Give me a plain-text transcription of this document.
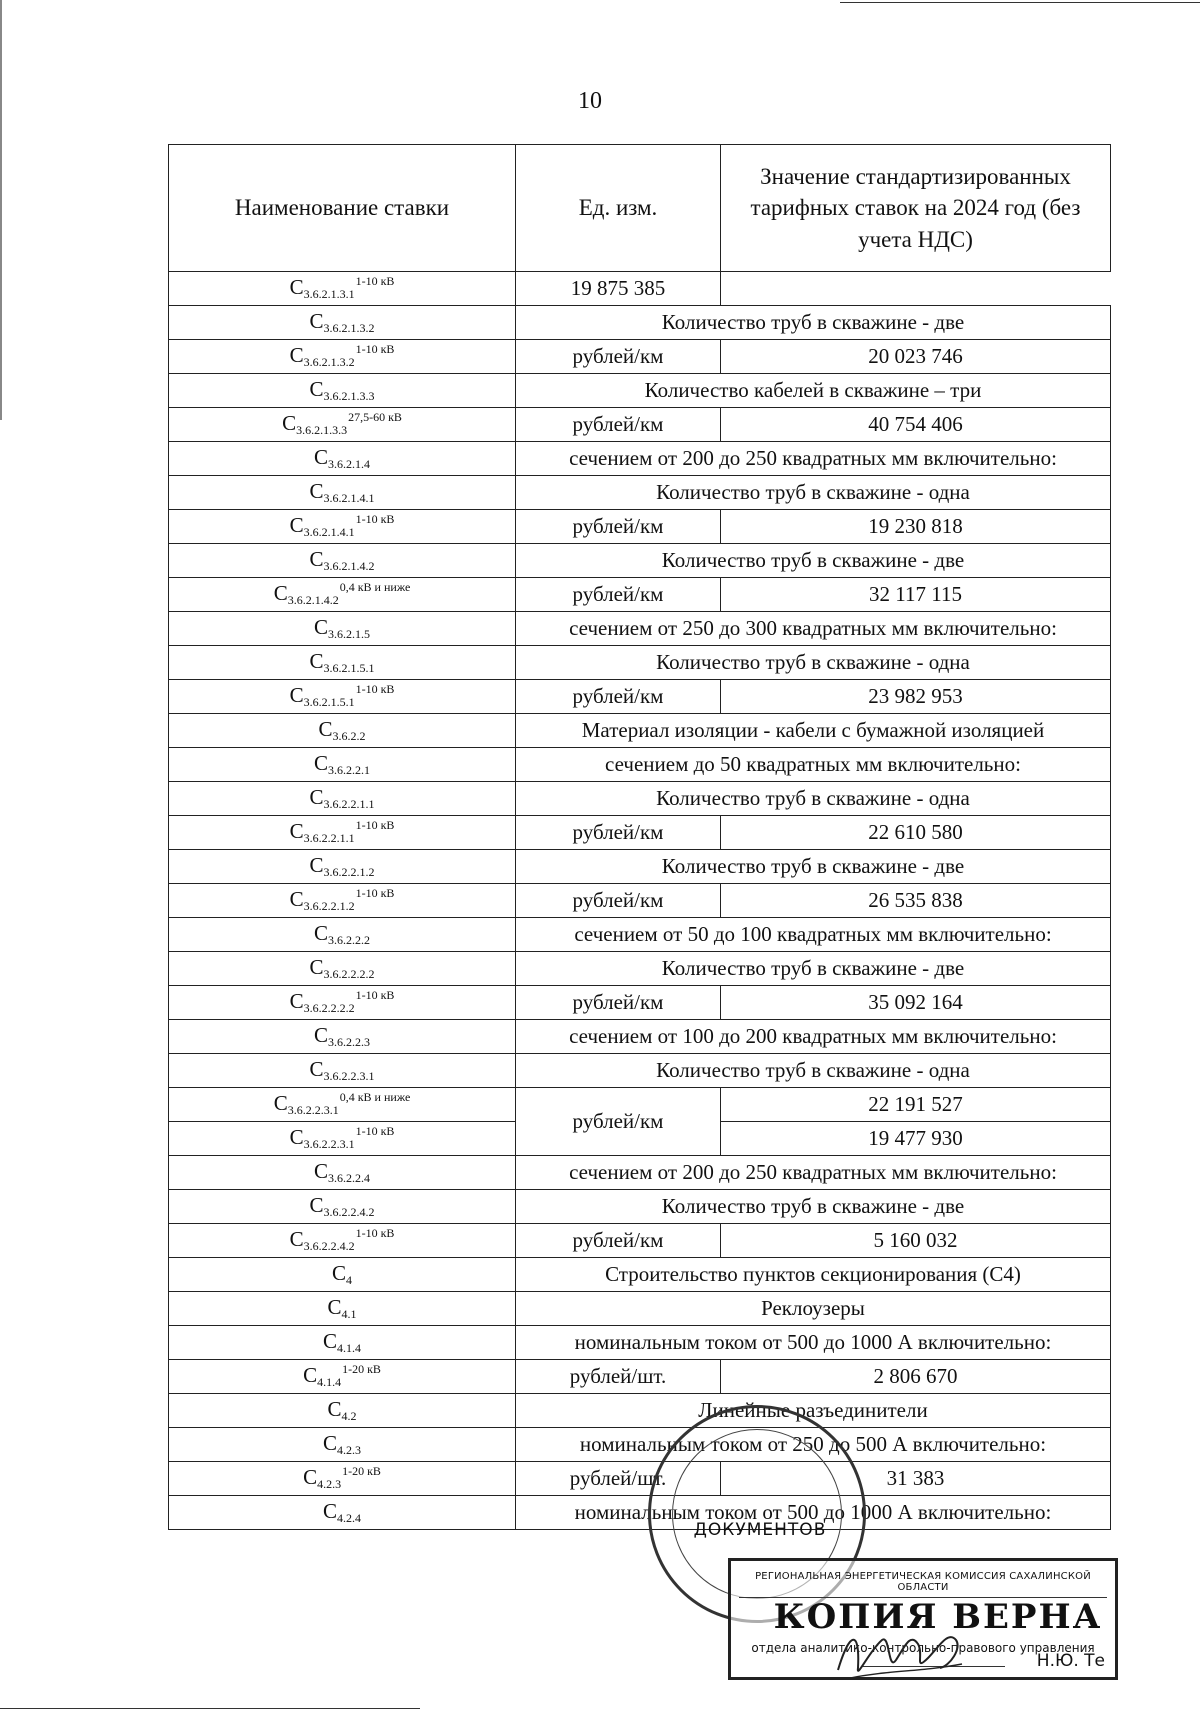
10
Наименование ставки	Ед. изм.	Значение стандартизированных тарифных ставок на 2024 год (без учета НДС)
$С_{3.6.2.1.3.1}^{1-10 кВ}$	19 875 385	
$С_{3.6.2.1.3.2}$	Количество труб в скважине - две	
$С_{3.6.2.1.3.2}^{1-10 кВ}$	рублей/км	20 023 746
$С_{3.6.2.1.3.3}$	Количество кабелей в скважине – три	
$С_{3.6.2.1.3.3}^{27,5-60 кВ}$	рублей/км	40 754 406
$С_{3.6.2.1.4}$	сечением от 200 до 250 квадратных мм включительно:	
$С_{3.6.2.1.4.1}$	Количество труб в скважине - одна	
$С_{3.6.2.1.4.1}^{1-10 кВ}$	рублей/км	19 230 818
$С_{3.6.2.1.4.2}$	Количество труб в скважине - две	
$С_{3.6.2.1.4.2}^{0,4 кВ и ниже}$	рублей/км	32 117 115
$С_{3.6.2.1.5}$	сечением от 250 до 300 квадратных мм включительно:	
$С_{3.6.2.1.5.1}$	Количество труб в скважине - одна	
$С_{3.6.2.1.5.1}^{1-10 кВ}$	рублей/км	23 982 953
$С_{3.6.2.2}$	Материал изоляции - кабели с бумажной изоляцией	
$С_{3.6.2.2.1}$	сечением до 50 квадратных мм включительно:	
$С_{3.6.2.2.1.1}$	Количество труб в скважине - одна	
$С_{3.6.2.2.1.1}^{1-10 кВ}$	рублей/км	22 610 580
$С_{3.6.2.2.1.2}$	Количество труб в скважине - две	
$С_{3.6.2.2.1.2}^{1-10 кВ}$	рублей/км	26 535 838
$С_{3.6.2.2.2}$	сечением от 50 до 100 квадратных мм включительно:	
$С_{3.6.2.2.2.2}$	Количество труб в скважине - две	
$С_{3.6.2.2.2.2}^{1-10 кВ}$	рублей/км	35 092 164
$С_{3.6.2.2.3}$	сечением от 100 до 200 квадратных мм включительно:	
$С_{3.6.2.2.3.1}$	Количество труб в скважине - одна	
$С_{3.6.2.2.3.1}^{0,4 кВ и ниже}$	рублей/км	22 191 527
$С_{3.6.2.2.3.1}^{1-10 кВ}$		19 477 930
$С_{3.6.2.2.4}$	сечением от 200 до 250 квадратных мм включительно:	
$С_{3.6.2.2.4.2}$	Количество труб в скважине - две	
$С_{3.6.2.2.4.2}^{1-10 кВ}$	рублей/км	5 160 032
$С_4$	Строительство пунктов секционирования (С4)	
$С_{4.1}$	Реклоузеры	
$С_{4.1.4}$	номинальным током от 500 до 1000 А включительно:	
$С_{4.1.4}^{1-20 кВ}$	рублей/шт.	2 806 670
$С_{4.2}$	Линейные разъединители	
$С_{4.2.3}$	номинальным током от 250 до 500 А включительно:	
$С_{4.2.3}^{1-20 кВ}$	рублей/шт.	31 383
$С_{4.2.4}$	номинальным током от 500 до 1000 А включительно:	
ДОКУМЕНТОВ
РЕГИОНАЛЬНАЯ ЭНЕРГЕТИЧЕСКАЯ КОМИССИЯ САХАЛИНСКОЙ ОБЛАСТИ
КОПИЯ ВЕРНА
отдела аналитико-контрольно-правового управления
Н.Ю. Те
